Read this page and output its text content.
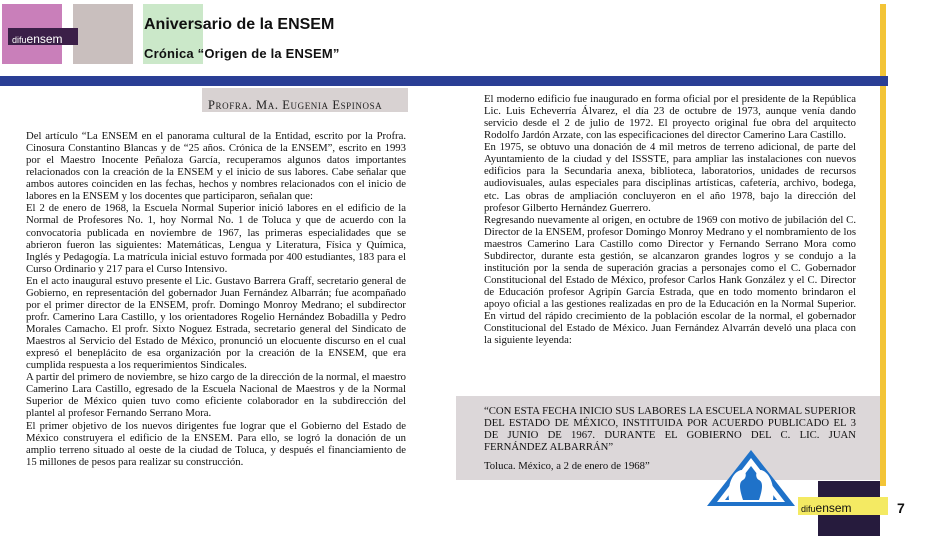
difuensem
Aniversario de la ENSEM
Crónica “Origen de la ENSEM”
Profra. Ma. Eugenia Espinosa

Del artículo “La ENSEM en el panorama cultural de la Entidad, escrito por la Profra. Cinosura Constantino Blancas y de “25 años. Crónica de la ENSEM”, escrito en 1993 por el Maestro Inocente Peñaloza García, recuperamos algunos datos importantes relacionados con la creación de la ENSEM y el inicio de sus labores. Cabe señalar que ambos autores coinciden en las fechas, hechos y nombres relacionados con el inicio de labores en la ENSEM y los docentes que participaron, señalan que:

El 2 de enero de 1968, la Escuela Normal Superior inició labores en el edificio de la Normal de Profesores No. 1, hoy Normal No. 1 de Toluca y que de acuerdo con la convocatoria publicada en noviembre de 1967, las primeras especialidades que se abrieron fueron las siguientes: Matemáticas, Lengua y Literatura, Física y Química, Inglés y Pedagogía. La matrícula inicial estuvo formada por 400 estudiantes, 183 para el Curso Ordinario y 217 para el Curso Intensivo.

En el acto inaugural estuvo presente el Lic. Gustavo Barrera Graff, secretario general de Gobierno, en representación del gobernador Juan Fernández Albarrán; fue acompañado por el primer director de la ENSEM, profr. Domingo Monroy Medrano; el subdirector profr. Camerino Lara Castillo, y los orientadores Rogelio Hernández Bobadilla y Pedro Morales Camacho. El profr. Sixto Noguez Estrada, secretario general del Sindicato de Maestros al Servicio del Estado de México, pronunció un elocuente discurso en el cual expresó el beneplácito de esa organización por la creación de la ENSEM, que era cumplida respuesta a los requerimientos Sindicales.

A partir del primero de noviembre, se hizo cargo de la dirección de la normal, el maestro Camerino Lara Castillo, egresado de la Escuela Nacional de Maestros y de la Normal Superior de México quien tuvo como eficiente colaborador en la subdirección del plantel al profesor Fernando Serrano Mora.

El primer objetivo de los nuevos dirigentes fue lograr que el Gobierno del Estado de México construyera el edificio de la ENSEM. Para ello, se logró la donación de un amplio terreno situado al oeste de la ciudad de Toluca, y después el financiamiento de 15 millones de pesos para realizar su construcción.

El moderno edificio fue inaugurado en forma oficial por el presidente de la República Lic. Luis Echeverría Álvarez, el día 23 de octubre de 1973, aunque venía dando servicio desde el 2 de julio de 1972. El proyecto original fue obra del arquitecto Rodolfo Jardón Arzate, con las especificaciones del director Camerino Lara Castillo.

En 1975, se obtuvo una donación de 4 mil metros de terreno adicional, de parte del Ayuntamiento de la ciudad y del ISSSTE, para ampliar las instalaciones con nuevos edificios para la Secundaria anexa, biblioteca, laboratorios, unidades de recursos audiovisuales, aulas especiales para disciplinas artísticas, cafetería, archivo, bodega, etc. Las obras de ampliación concluyeron en el año 1978, bajo la dirección del profesor Gilberto Hernández Guerrero.

Regresando nuevamente al origen, en octubre de 1969 con motivo de jubilación del C. Director de la ENSEM, profesor Domingo Monroy Medrano y el nombramiento de los maestros Camerino Lara Castillo como Director y Fernando Serrano Mora como Subdirector, durante esta gestión, se alcanzaron grandes logros y se condujo a la institución por la senda de superación gracias a personajes como el C. Gobernador Constitucional del Estado de México, profesor Carlos Hank González y el C. Director de Educación profesor Agripín García Estrada, que en todo momento brindaron el apoyo oficial a las gestiones realizadas en pro de la Educación en la Normal Superior. En virtud del rápido crecimiento de la población escolar de la normal, el gobernador Constitucional del Estado de México. Juan Fernández Alvarrán develó una placa con la siguiente leyenda:

“CON ESTA FECHA INICIO SUS LABORES LA ESCUELA NORMAL SUPERIOR DEL ESTADO DE MÉXICO, INSTITUIDA POR ACUERDO PUBLICADO EL 3 DE JUNIO DE 1967. DURANTE EL GOBIERNO DEL C. LIC. JUAN FERNÁNDEZ ALBARRÁN”
Toluca. México, a 2 de enero de 1968”
difuensem	7
